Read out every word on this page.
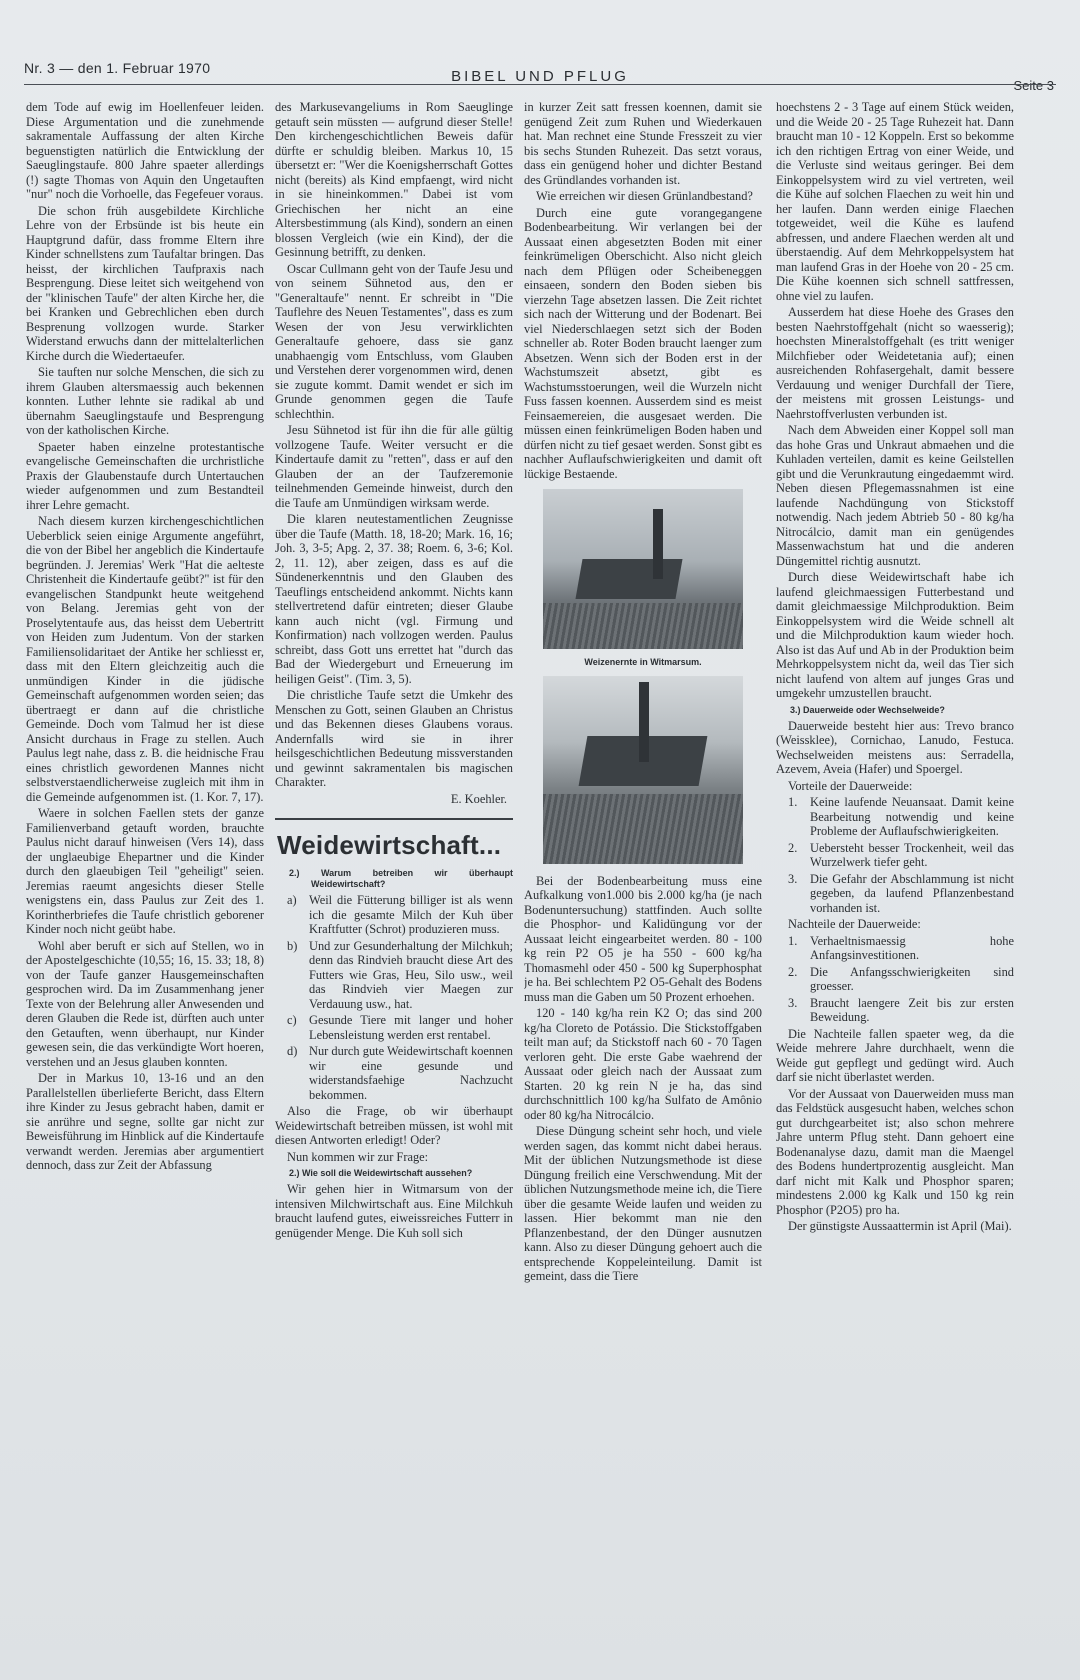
Nr. 3 — den 1. Februar 1970	BIBEL UND PFLUG
Seite 3

dem Tode auf ewig im Hoellenfeuer leiden. Diese Argumentation und die zunehmende sakramentale Auffassung der alten Kirche beguenstigten natürlich die Entwicklung der Saeuglingstaufe. 800 Jahre spaeter allerdings (!) sagte Thomas von Aquin den Ungetauften "nur" noch die Vorhoelle, das Fegefeuer voraus.

Die schon früh ausgebildete Kirchliche Lehre von der Erbsünde ist bis heute ein Hauptgrund dafür, dass fromme Eltern ihre Kinder schnellstens zum Taufaltar bringen. Das heisst, der kirchlichen Taufpraxis nach Besprengung. Diese leitet sich weitgehend von der "klinischen Taufe" der alten Kirche her, die bei Kranken und Gebrechlichen eben durch Besprenung vollzogen wurde. Starker Widerstand erwuchs dann der mittelalterlichen Kirche durch die Wiedertaeufer.

Sie tauften nur solche Menschen, die sich zu ihrem Glauben altersmaessig auch bekennen konnten. Luther lehnte sie radikal ab und übernahm Saeuglingstaufe und Besprengung von der katholischen Kirche.

Spaeter haben einzelne protestantische evangelische Gemeinschaften die urchristliche Praxis der Glaubenstaufe durch Untertauchen wieder aufgenommen und zum Bestandteil ihrer Lehre gemacht.

Nach diesem kurzen kirchengeschichtlichen Ueberblick seien einige Argumente angeführt, die von der Bibel her angeblich die Kindertaufe begründen. J. Jeremias' Werk "Hat die aelteste Christenheit die Kindertaufe geübt?" ist für den evangelischen Standpunkt heute weitgehend von Belang. Jeremias geht von der Proselytentaufe aus, das heisst dem Uebertritt von Heiden zum Judentum. Von der starken Familiensolidaritaet der Antike her schliesst er, dass mit den Eltern gleichzeitig auch die unmündigen Kinder in die jüdische Gemeinschaft aufgenommen worden seien; das übertraegt er dann auf die christliche Gemeinde. Doch vom Talmud her ist diese Ansicht durchaus in Frage zu stellen. Auch Paulus legt nahe, dass z. B. die heidnische Frau eines christlich gewordenen Mannes nicht selbstverstaendlicherweise zugleich mit ihm in die Gemeinde aufgenommen ist. (1. Kor. 7, 17).

Waere in solchen Faellen stets der ganze Familienverband getauft worden, brauchte Paulus nicht darauf hinweisen (Vers 14), dass der unglaeubige Ehepartner und die Kinder durch den glaeubigen Teil "geheiligt" seien. Jeremias raeumt angesichts dieser Stelle wenigstens ein, dass Paulus zur Zeit des 1. Korintherbriefes die Taufe christlich geborener Kinder noch nicht geübt habe.

Wohl aber beruft er sich auf Stellen, wo in der Apostelgeschichte (10,55; 16, 15. 33; 18, 8) von der Taufe ganzer Hausgemeinschaften gesprochen wird. Da im Zusammenhang jener Texte von der Belehrung aller Anwesenden und deren Glauben die Rede ist, dürften auch unter den Getauften, wenn überhaupt, nur Kinder gewesen sein, die das verkündigte Wort hoeren, verstehen und an Jesus glauben konnten.

Der in Markus 10, 13-16 und an den Parallelstellen überlieferte Bericht, dass Eltern ihre Kinder zu Jesus gebracht haben, damit er sie anrühre und segne, sollte gar nicht zur Beweisführung im Hinblick auf die Kindertaufe verwandt werden. Jeremias aber argumentiert dennoch, dass zur Zeit der Abfassung

des Markusevangeliums in Rom Saeuglinge getauft sein müssten — aufgrund dieser Stelle! Den kirchengeschichtlichen Beweis dafür dürfte er schuldig bleiben. Markus 10, 15 übersetzt er: "Wer die Koenigsherrschaft Gottes nicht (bereits) als Kind empfaengt, wird nicht in sie hineinkommen." Dabei ist vom Griechischen her nicht an eine Altersbestimmung (als Kind), sondern an einen blossen Vergleich (wie ein Kind), der die Gesinnung betrifft, zu denken.

Oscar Cullmann geht von der Taufe Jesu und von seinem Sühnetod aus, den er "Generaltaufe" nennt. Er schreibt in "Die Tauflehre des Neuen Testamentes", dass es zum Wesen der von Jesu verwirklichten Generaltaufe gehoere, dass sie ganz unabhaengig vom Entschluss, vom Glauben und Verstehen derer vorgenommen wird, denen sie zugute kommt. Damit wendet er sich im Grunde genommen gegen die Taufe schlechthin.

Jesu Sühnetod ist für ihn die für alle gültig vollzogene Taufe. Weiter versucht er die Kindertaufe damit zu "retten", dass er auf den Glauben der an der Taufzeremonie teilnehmenden Gemeinde hinweist, durch den die Taufe am Unmündigen wirksam werde.

Die klaren neutestamentlichen Zeugnisse über die Taufe (Matth. 18, 18-20; Mark. 16, 16; Joh. 3, 3-5; Apg. 2, 37. 38; Roem. 6, 3-6; Kol. 2, 11. 12), aber zeigen, dass es auf die Sündenerkenntnis und den Glauben des Taeuflings entscheidend ankommt. Nichts kann stellvertretend dafür eintreten; dieser Glaube kann auch nicht (vgl. Firmung und Konfirmation) nach vollzogen werden. Paulus schreibt, dass Gott uns errettet hat "durch das Bad der Wiedergeburt und Erneuerung im heiligen Geist". (Tim. 3, 5).

Die christliche Taufe setzt die Umkehr des Menschen zu Gott, seinen Glauben an Christus und das Bekennen dieses Glaubens voraus. Andernfalls wird sie in ihrer heilsgeschichtlichen Bedeutung missverstanden und gewinnt sakramentalen bis magischen Charakter.

E. Koehler.
Weidewirtschaft...
2.) Warum betreiben wir überhaupt Weidewirtschaft?
a) Weil die Fütterung billiger ist als wenn ich die gesamte Milch der Kuh über Kraftfutter (Schrot) produzieren muss.
b) Und zur Gesunderhaltung der Milchkuh; denn das Rindvieh braucht diese Art des Futters wie Gras, Heu, Silo usw., weil das Rindvieh vier Maegen zur Verdauung usw., hat.
c) Gesunde Tiere mit langer und hoher Lebensleistung werden erst rentabel.
d) Nur durch gute Weidewirtschaft koennen wir eine gesunde und widerstandsfaehige Nachzucht bekommen.

Also die Frage, ob wir überhaupt Weidewirtschaft betreiben müssen, ist wohl mit diesen Antworten erledigt! Oder?

Nun kommen wir zur Frage:

2.) Wie soll die Weidewirtschaft aussehen?

Wir gehen hier in Witmarsum von der intensiven Milchwirtschaft aus. Eine Milchkuh braucht laufend gutes, eiweissreiches Futterr in genügender Menge. Die Kuh soll sich

in kurzer Zeit satt fressen koennen, damit sie genügend Zeit zum Ruhen und Wiederkauen hat. Man rechnet eine Stunde Fresszeit zu vier bis sechs Stunden Ruhezeit. Das setzt voraus, dass ein genügend hoher und dichter Bestand des Gründlandes vorhanden ist.

Wie erreichen wir diesen Grünlandbestand?

Durch eine gute vorangegangene Bodenbearbeitung. Wir verlangen bei der Aussaat einen abgesetzten Boden mit einer feinkrümeligen Oberschicht. Also nicht gleich nach dem Pflügen oder Scheibeneggen einsaeen, sondern den Boden sieben bis vierzehn Tage absetzen lassen. Die Zeit richtet sich nach der Witterung und der Bodenart. Bei viel Niederschlaegen setzt sich der Boden schneller ab. Roter Boden braucht laenger zum Absetzen. Wenn sich der Boden erst in der Wachstumszeit absetzt, gibt es Wachstumsstoerungen, weil die Wurzeln nicht Fuss fassen koennen. Ausserdem sind es meist Feinsaemereien, die ausgesaet werden. Die müssen einen feinkrümeligen Boden haben und dürfen nicht zu tief gesaet werden. Sonst gibt es nachher Auflaufschwierigkeiten und damit oft lückige Bestaende.

Weizenernte in Witmarsum.

Bei der Bodenbearbeitung muss eine Aufkalkung von1.000 bis 2.000 kg/ha (je nach Bodenuntersuchung) stattfinden. Auch sollte die Phosphor- und Kalidüngung vor der Aussaat leicht eingearbeitet werden. 80 - 100 kg rein P2 O5 je ha 550 - 600 kg/ha Thomasmehl oder 450 - 500 kg Superphosphat je ha. Bei schlechtem P2 O5-Gehalt des Bodens muss man die Gaben um 50 Prozent erhoehen.

120 - 140 kg/ha rein K2 O; das sind 200 kg/ha Cloreto de Potássio. Die Stickstoffgaben teilt man auf; da Stickstoff nach 60 - 70 Tagen verloren geht. Die erste Gabe waehrend der Aussaat oder gleich nach der Aussaat zum Starten. 20 kg rein N je ha, das sind durchschnittlich 100 kg/ha Sulfato de Amônio oder 80 kg/ha Nitrocálcio.

Diese Düngung scheint sehr hoch, und viele werden sagen, das kommt nicht dabei heraus. Mit der üblichen Nutzungsmethode ist diese Düngung freilich eine Verschwendung. Mit der üblichen Nutzungsmethode meine ich, die Tiere über die gesamte Weide laufen und weiden zu lassen. Hier bekommt man nie den Pflanzenbestand, der den Dünger ausnutzen kann. Also zu dieser Düngung gehoert auch die entsprechende Koppeleinteilung. Damit ist gemeint, dass die Tiere

hoechstens 2 - 3 Tage auf einem Stück weiden, und die Weide 20 - 25 Tage Ruhezeit hat. Dann braucht man 10 - 12 Koppeln. Erst so bekomme ich den richtigen Ertrag von einer Weide, und die Verluste sind weitaus geringer. Bei dem Einkoppelsystem wird zu viel vertreten, weil die Kühe auf solchen Flaechen zu weit hin und her laufen. Dann werden einige Flaechen totgeweidet, weil die Kühe es laufend abfressen, und andere Flaechen werden alt und überstaendig. Auf dem Mehrkoppelsystem hat man laufend Gras in der Hoehe von 20 - 25 cm. Die Kühe koennen sich schnell sattfressen, ohne viel zu laufen.

Ausserdem hat diese Hoehe des Grases den besten Naehrstoffgehalt (nicht so waesserig); hoechsten Mineralstoffgehalt (es tritt weniger Milchfieber oder Weidetetania auf); einen ausreichenden Rohfasergehalt, damit bessere Verdauung und weniger Durchfall der Tiere, der meistens mit grossen Leistungs- und Naehrstoffverlusten verbunden ist.

Nach dem Abweiden einer Koppel soll man das hohe Gras und Unkraut abmaehen und die Kuhladen verteilen, damit es keine Geilstellen gibt und die Verunkrautung eingedaemmt wird. Neben diesen Pflegemassnahmen ist eine laufende Nachdüngung von Stickstoff notwendig. Nach jedem Abtrieb 50 - 80 kg/ha Nitrocálcio, damit man ein genügendes Massenwachstum hat und die anderen Düngemittel richtig ausnutzt.

Durch diese Weidewirtschaft habe ich laufend gleichmaessigen Futterbestand und damit gleichmaessige Milchproduktion. Beim Einkoppelsystem wird die Weide schnell alt und die Milchproduktion kaum wieder hoch. Also ist das Auf und Ab in der Produktion beim Mehrkoppelsystem nicht da, weil das Tier sich nicht laufend von altem auf junges Gras und umgekehr umzustellen braucht.

3.) Dauerweide oder Wechselweide?

Dauerweide besteht hier aus: Trevo branco (Weissklee), Cornichao, Lanudo, Festuca. Wechselweiden meistens aus: Serradella, Azevem, Aveia (Hafer) und Spoergel.

Vorteile der Dauerweide:

1. Keine laufende Neuansaat. Damit keine Bearbeitung notwendig und keine Probleme der Auflaufschwierigkeiten.
2. Uebersteht besser Trockenheit, weil das Wurzelwerk tiefer geht.
3. Die Gefahr der Abschlammung ist nicht gegeben, da laufend Pflanzenbestand vorhanden ist.

Nachteile der Dauerweide:

1. Verhaeltnismaessig hohe Anfangsinvestitionen.
2. Die Anfangsschwierigkeiten sind groesser.
3. Braucht laengere Zeit bis zur ersten Beweidung.

Die Nachteile fallen spaeter weg, da die Weide mehrere Jahre durchhaelt, wenn die Weide gut gepflegt und gedüngt wird. Auch darf sie nicht überlastet werden.

Vor der Aussaat von Dauerweiden muss man das Feldstück ausgesucht haben, welches schon gut durchgearbeitet ist; also schon mehrere Jahre unterm Pflug steht. Dann gehoert eine Bodenanalyse dazu, damit man die Maengel des Bodens hundertprozentig ausgleicht. Man darf nicht mit Kalk und Phosphor sparen; mindestens 2.000 kg Kalk und 150 kg rein Phosphor (P2O5) pro ha.

Der günstigste Aussaattermin ist April (Mai).
